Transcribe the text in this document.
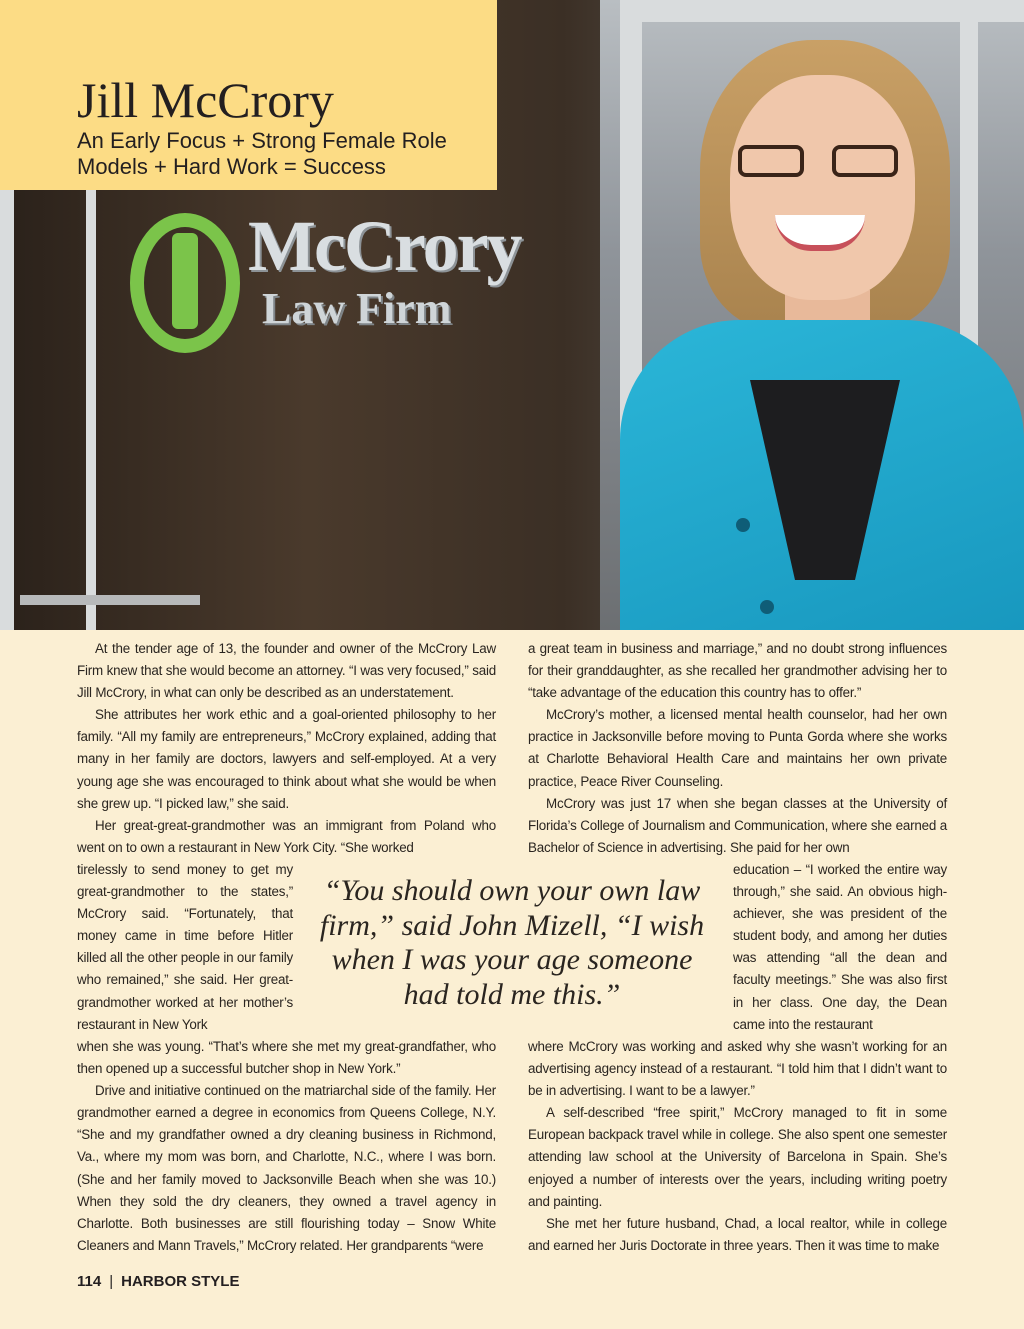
McCrory
Law Firm
Jill McCrory

An Early Focus + Strong Female Role Models + Hard Work = Success

At the tender age of 13, the founder and owner of the McCrory Law Firm knew that she would become an attorney. “I was very focused,” said Jill McCrory, in what can only be described as an understatement.

She attributes her work ethic and a goal-oriented philosophy to her family. “All my family are entrepreneurs,” McCrory explained, adding that many in her family are doctors, lawyers and self-employed. At a very young age she was encouraged to think about what she would be when she grew up. “I picked law,” she said.

Her great-great-grandmother was an immigrant from Poland who went on to own a restaurant in New York City. “She worked

tirelessly to send money to get my great-grandmother to the states,” McCrory said. “Fortunately, that money came in time before Hitler killed all the other people in our family who remained,” she said. Her great-grandmother worked at her mother’s restaurant in New York

“You should own your own law firm,” said John Mizell, “I wish when I was your age someone had told me this.”

education – “I worked the entire way through,” she said. An obvious high-achiever, she was president of the student body, and among her duties was attending “all the dean and faculty meetings.” She was also first in her class. One day, the Dean came into the restaurant

when she was young. “That’s where she met my great-grandfather, who then opened up a successful butcher shop in New York.”

Drive and initiative continued on the matriarchal side of the family. Her grandmother earned a degree in economics from Queens College, N.Y. “She and my grandfather owned a dry cleaning business in Richmond, Va., where my mom was born, and Charlotte, N.C., where I was born. (She and her family moved to Jacksonville Beach when she was 10.) When they sold the dry cleaners, they owned a travel agency in Charlotte. Both businesses are still flourishing today – Snow White Cleaners and Mann Travels,” McCrory related. Her grandparents “were

a great team in business and marriage,” and no doubt strong influences for their granddaughter, as she recalled her grandmother advising her to “take advantage of the education this country has to offer.”

McCrory’s mother, a licensed mental health counselor, had her own practice in Jacksonville before moving to Punta Gorda where she works at Charlotte Behavioral Health Care and maintains her own private practice, Peace River Counseling.

McCrory was just 17 when she began classes at the University of Florida’s College of Journalism and Communication, where she earned a Bachelor of Science in advertising. She paid for her own

where McCrory was working and asked why she wasn’t working for an advertising agency instead of a restaurant. “I told him that I didn’t want to be in advertising. I want to be a lawyer.”

A self-described “free spirit,” McCrory managed to fit in some European backpack travel while in college. She also spent one semester attending law school at the University of Barcelona in Spain. She’s enjoyed a number of interests over the years, including writing poetry and painting.

She met her future husband, Chad, a local realtor, while in college and earned her Juris Doctorate in three years. Then it was time to make

114 | HARBOR STYLE
